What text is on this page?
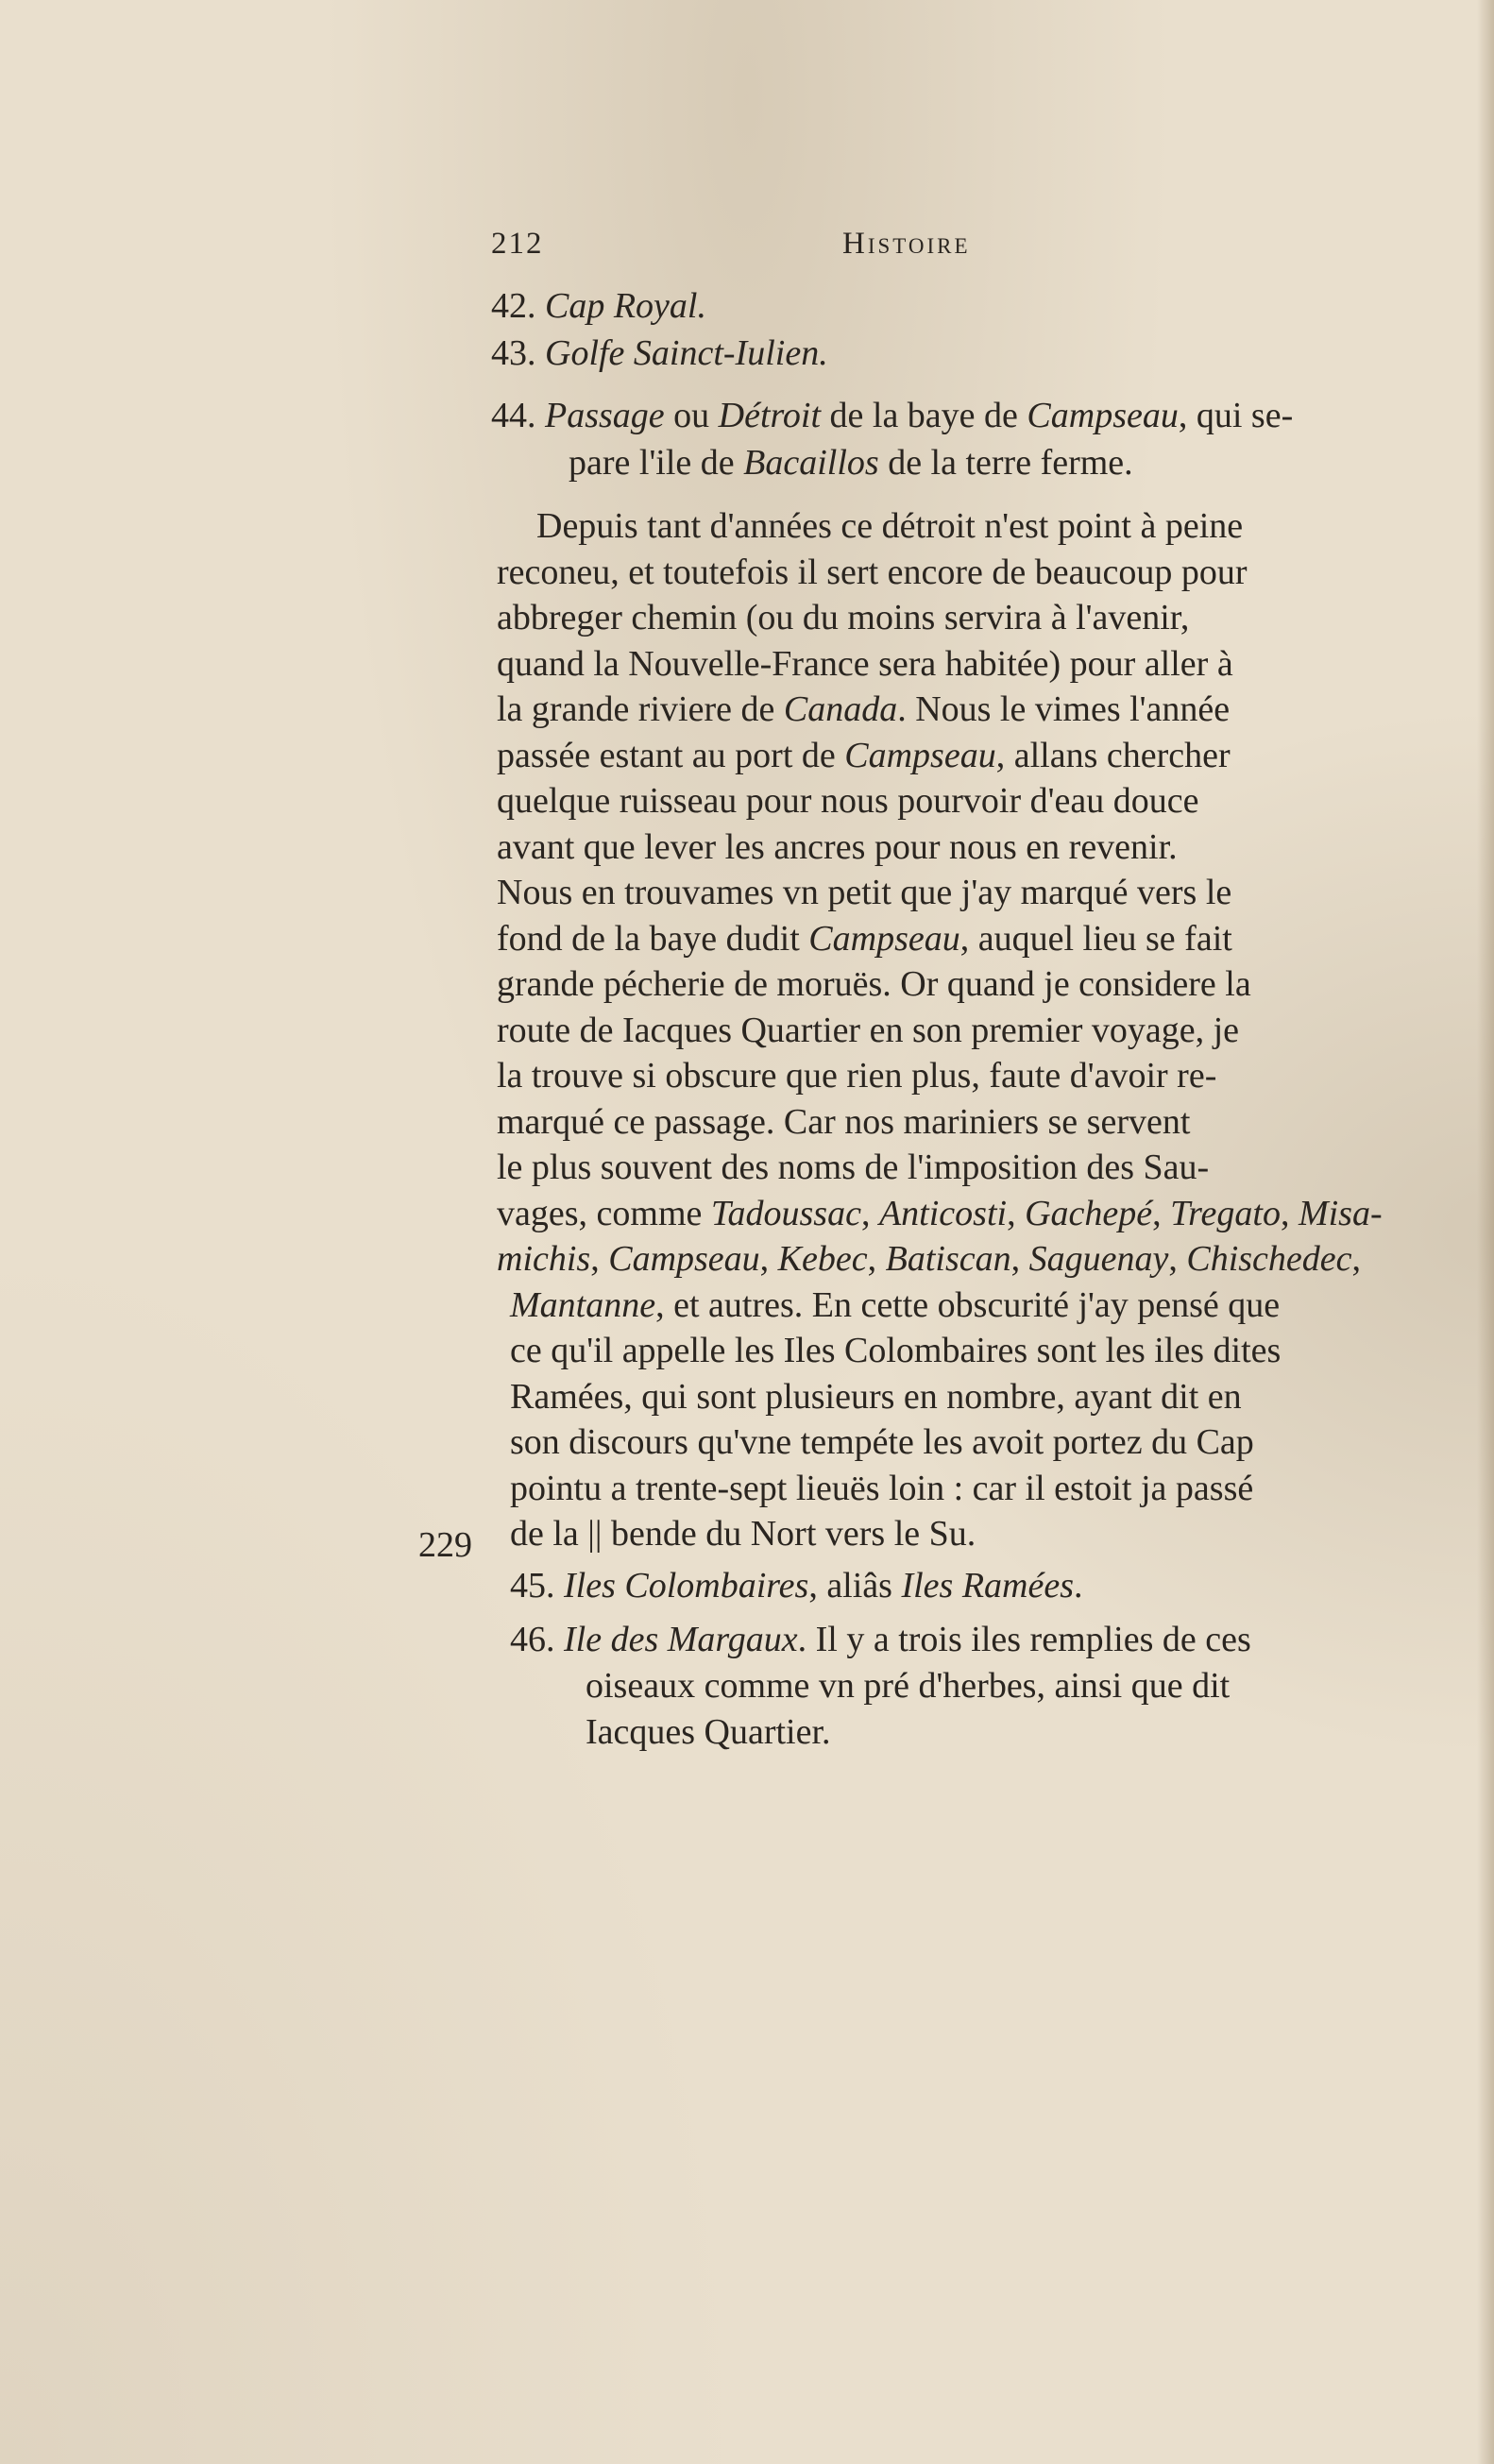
212	Histoire
42. Cap Royal.
43. Golfe Sainct-Iulien.
44. Passage ou Détroit de la baye de Campseau, qui se-
pare l'ile de Bacaillos de la terre ferme.
Depuis tant d'années ce détroit n'est point à peine
reconeu, et toutefois il sert encore de beaucoup pour
abbreger chemin (ou du moins servira à l'avenir,
quand la Nouvelle-France sera habitée) pour aller à
la grande riviere de Canada. Nous le vimes l'année
passée estant au port de Campseau, allans chercher
quelque ruisseau pour nous pourvoir d'eau douce
avant que lever les ancres pour nous en revenir.
Nous en trouvames vn petit que j'ay marqué vers le
fond de la baye dudit Campseau, auquel lieu se fait
grande pécherie de moruës. Or quand je considere la
route de Iacques Quartier en son premier voyage, je
la trouve si obscure que rien plus, faute d'avoir re-
marqué ce passage. Car nos mariniers se servent
le plus souvent des noms de l'imposition des Sau-
vages, comme Tadoussac, Anticosti, Gachepé, Tregato, Misa-
michis, Campseau, Kebec, Batiscan, Saguenay, Chischedec,
Mantanne, et autres. En cette obscurité j'ay pensé que
ce qu'il appelle les Iles Colombaires sont les iles dites
Ramées, qui sont plusieurs en nombre, ayant dit en
son discours qu'vne tempéte les avoit portez du Cap
pointu a trente-sept lieuës loin : car il estoit ja passé
de la || bende du Nort vers le Su.
229
45. Iles Colombaires, aliâs Iles Ramées.
46. Ile des Margaux. Il y a trois iles remplies de ces
oiseaux comme vn pré d'herbes, ainsi que dit
Iacques Quartier.
